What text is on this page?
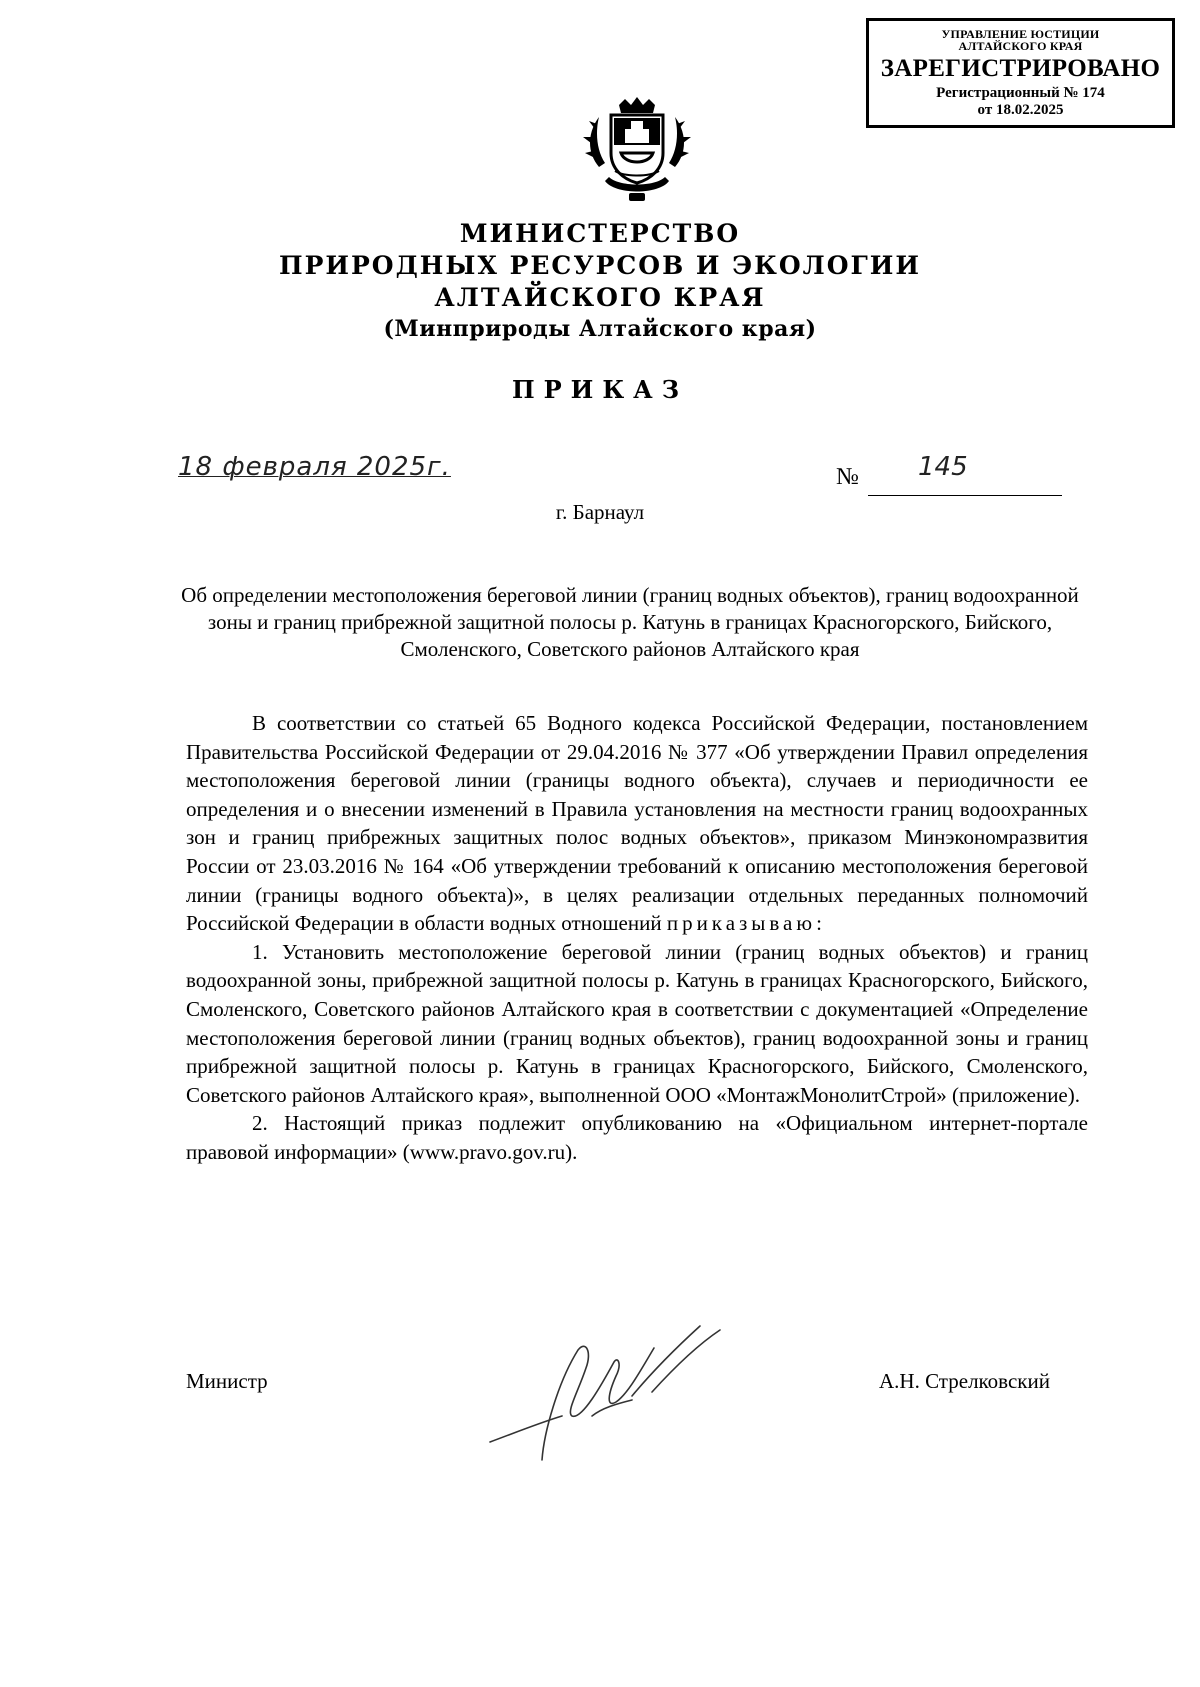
УПРАВЛЕНИЕ ЮСТИЦИИ
АЛТАЙСКОГО КРАЯ
ЗАРЕГИСТРИРОВАНО
Регистрационный № 174
от 18.02.2025
МИНИСТЕРСТВО
ПРИРОДНЫХ РЕСУРСОВ И ЭКОЛОГИИ
АЛТАЙСКОГО КРАЯ
(Минприроды Алтайского края)
ПРИКАЗ
18 февраля 2025г.	№ 145
г. Барнаул
Об определении местоположения береговой линии (границ водных объектов), границ водоохранной зоны и границ прибрежной защитной полосы р. Катунь в границах Красногорского, Бийского, Смоленского, Советского районов Алтайского края

В соответствии со статьей 65 Водного кодекса Российской Федерации, постановлением Правительства Российской Федерации от 29.04.2016 № 377 «Об утверждении Правил определения местоположения береговой линии (границы водного объекта), случаев и периодичности ее определения и о внесении изменений в Правила установления на местности границ водоохранных зон и границ прибрежных защитных полос водных объектов», приказом Минэкономразвития России от 23.03.2016 № 164 «Об утверждении требований к описанию местоположения береговой линии (границы водного объекта)», в целях реализации отдельных переданных полномочий Российской Федерации в области водных отношений приказываю:

1. Установить местоположение береговой линии (границ водных объектов) и границ водоохранной зоны, прибрежной защитной полосы р. Катунь в границах Красногорского, Бийского, Смоленского, Советского районов Алтайского края в соответствии с документацией «Определение местоположения береговой линии (границ водных объектов), границ водоохранной зоны и границ прибрежной защитной полосы р. Катунь в границах Красногорского, Бийского, Смоленского, Советского районов Алтайского края», выполненной ООО «МонтажМонолитСтрой» (приложение).

2. Настоящий приказ подлежит опубликованию на «Официальном интернет-портале правовой информации» (www.pravo.gov.ru).

Министр	А.Н. Стрелковский
